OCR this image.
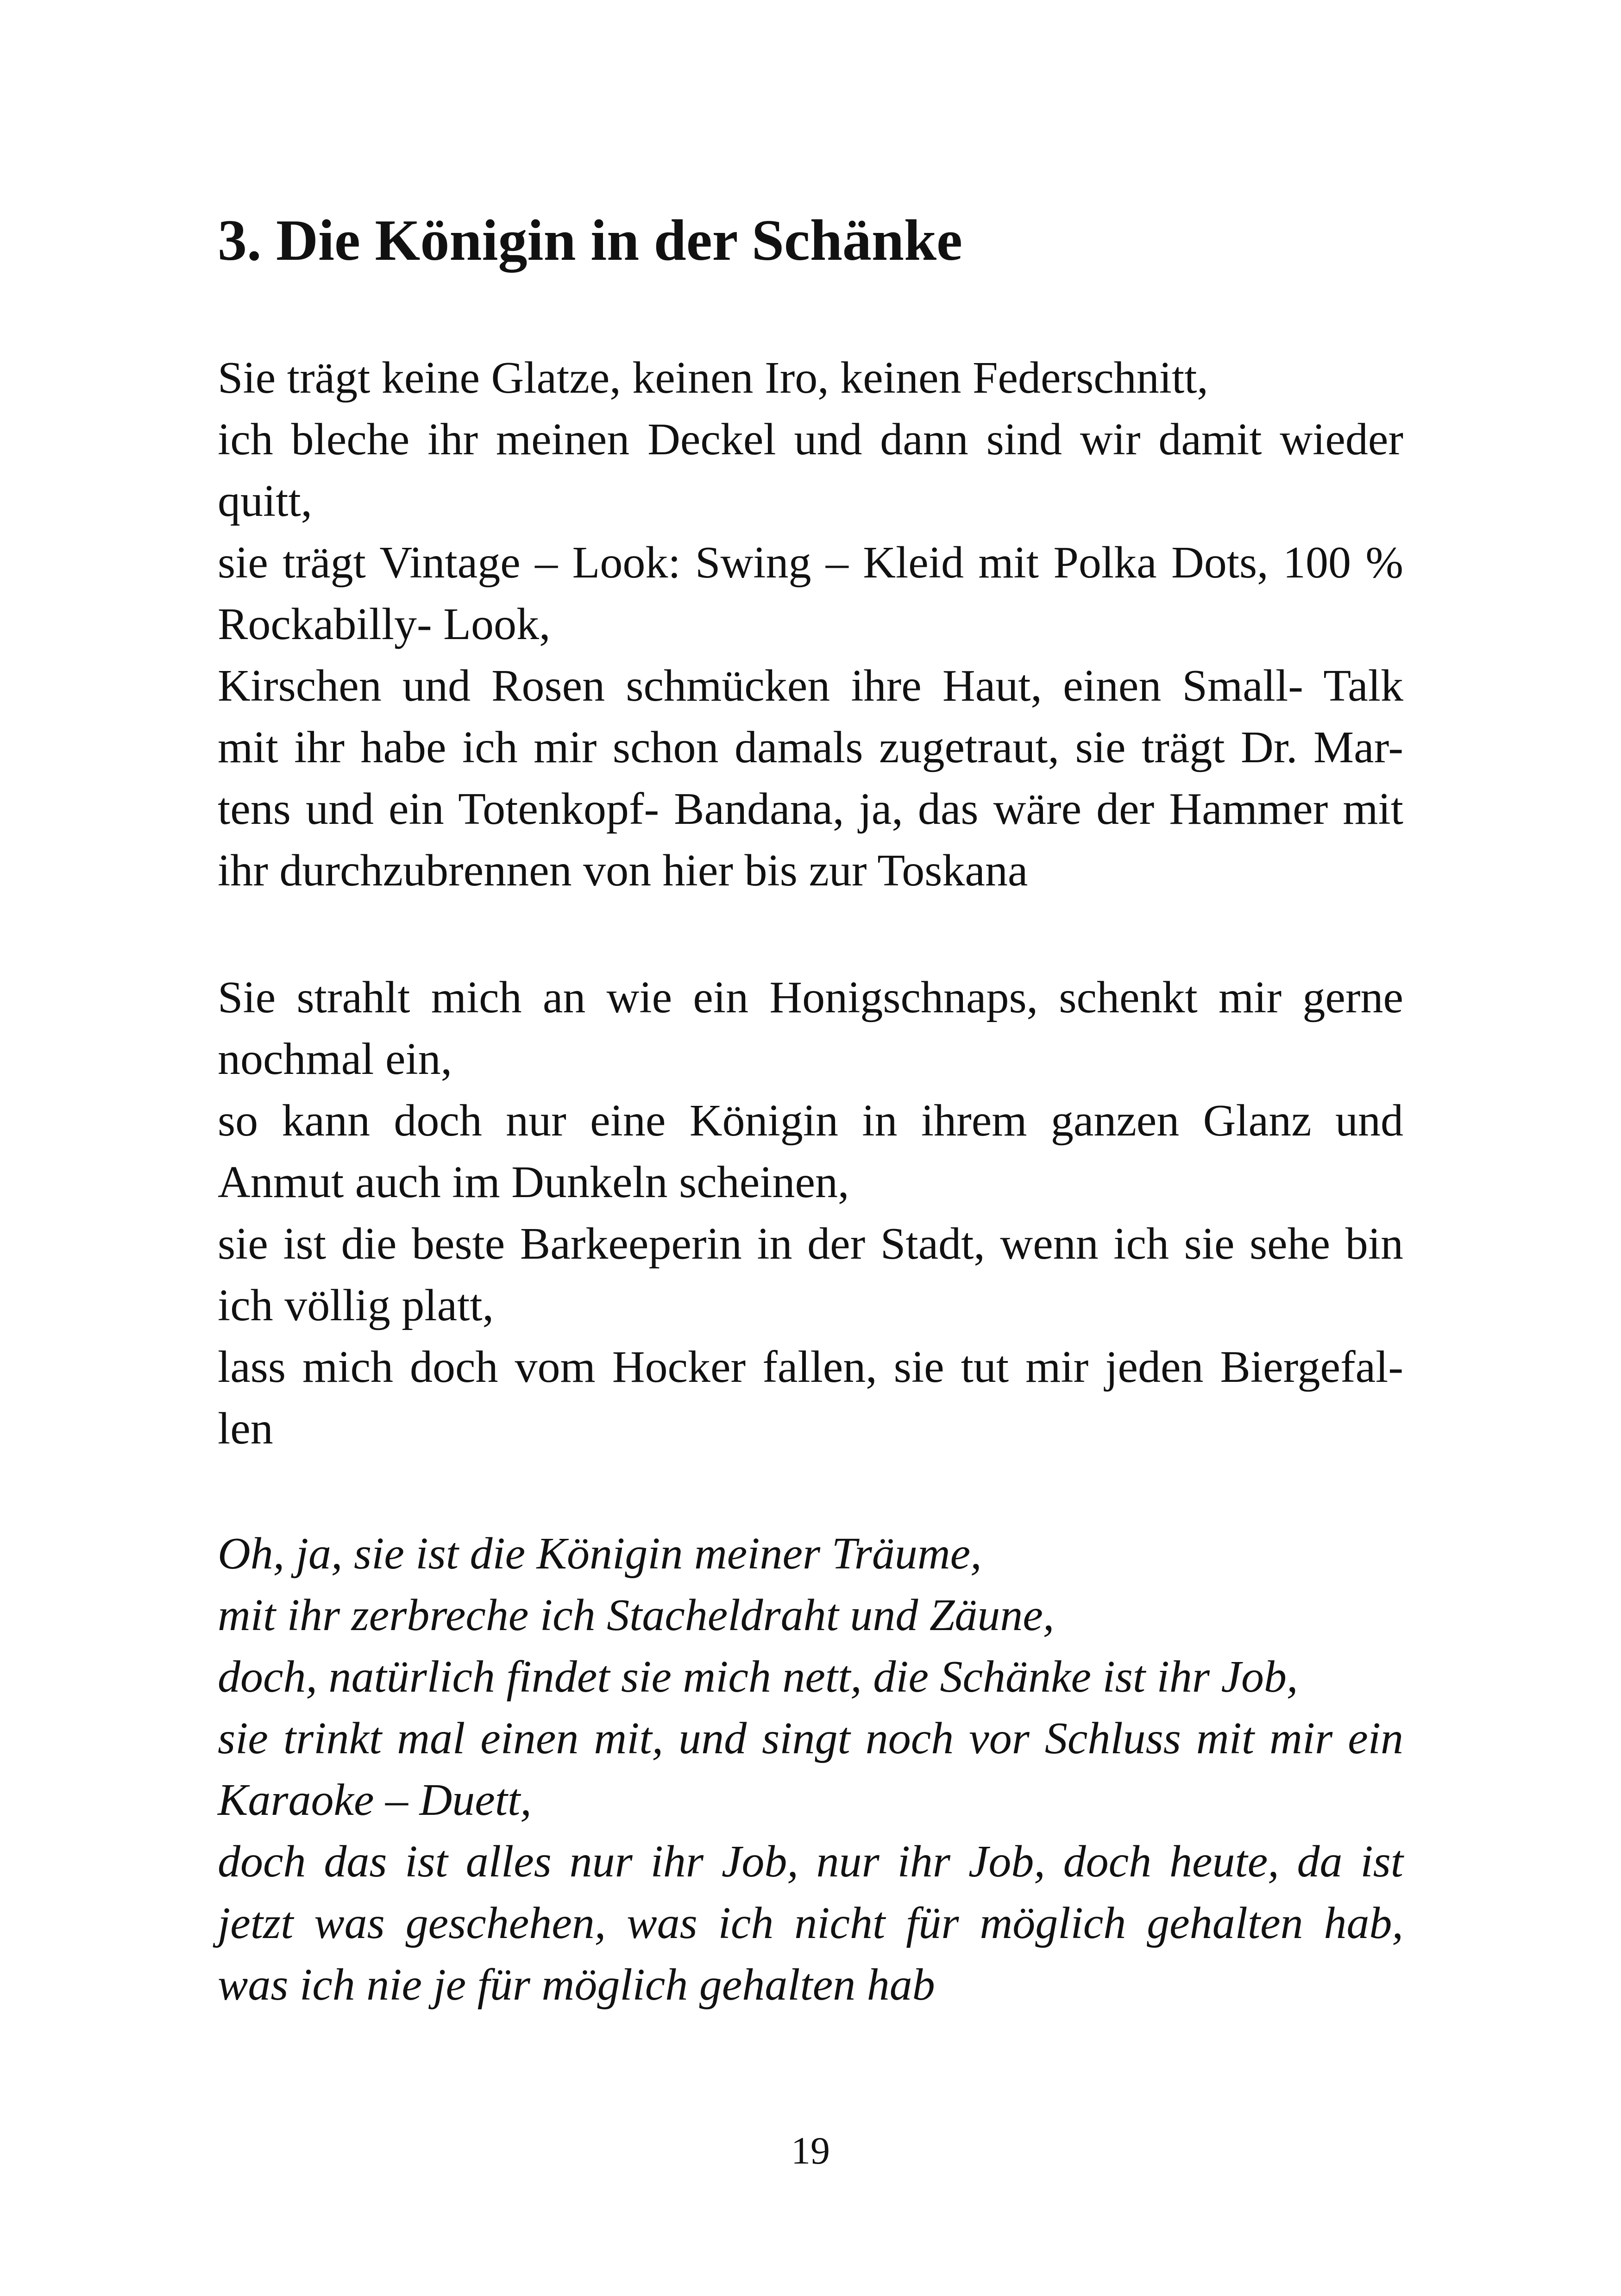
3. Die Königin in der Schänke
Sie trägt keine Glatze, keinen Iro, keinen Federschnitt,
ich bleche ihr meinen Deckel und dann sind wir damit wieder
quitt,
sie trägt Vintage – Look: Swing – Kleid mit Polka Dots, 100 %
Rockabilly- Look,
Kirschen und Rosen schmücken ihre Haut, einen Small- Talk
mit ihr habe ich mir schon damals zugetraut, sie trägt Dr. Mar-
tens und ein Totenkopf- Bandana, ja, das wäre der Hammer mit
ihr durchzubrennen von hier bis zur Toskana
Sie strahlt mich an wie ein Honigschnaps, schenkt mir gerne
nochmal ein,
so kann doch nur eine Königin in ihrem ganzen Glanz und
Anmut auch im Dunkeln scheinen,
sie ist die beste Barkeeperin in der Stadt, wenn ich sie sehe bin
ich völlig platt,
lass mich doch vom Hocker fallen, sie tut mir jeden Biergefal-
len
Oh, ja, sie ist die Königin meiner Träume,
mit ihr zerbreche ich Stacheldraht und Zäune,
doch, natürlich findet sie mich nett, die Schänke ist ihr Job,
sie trinkt mal einen mit, und singt noch vor Schluss mit mir ein
Karaoke – Duett,
doch das ist alles nur ihr Job, nur ihr Job, doch heute, da ist
jetzt was geschehen, was ich nicht für möglich gehalten hab,
was ich nie je für möglich gehalten hab

19
